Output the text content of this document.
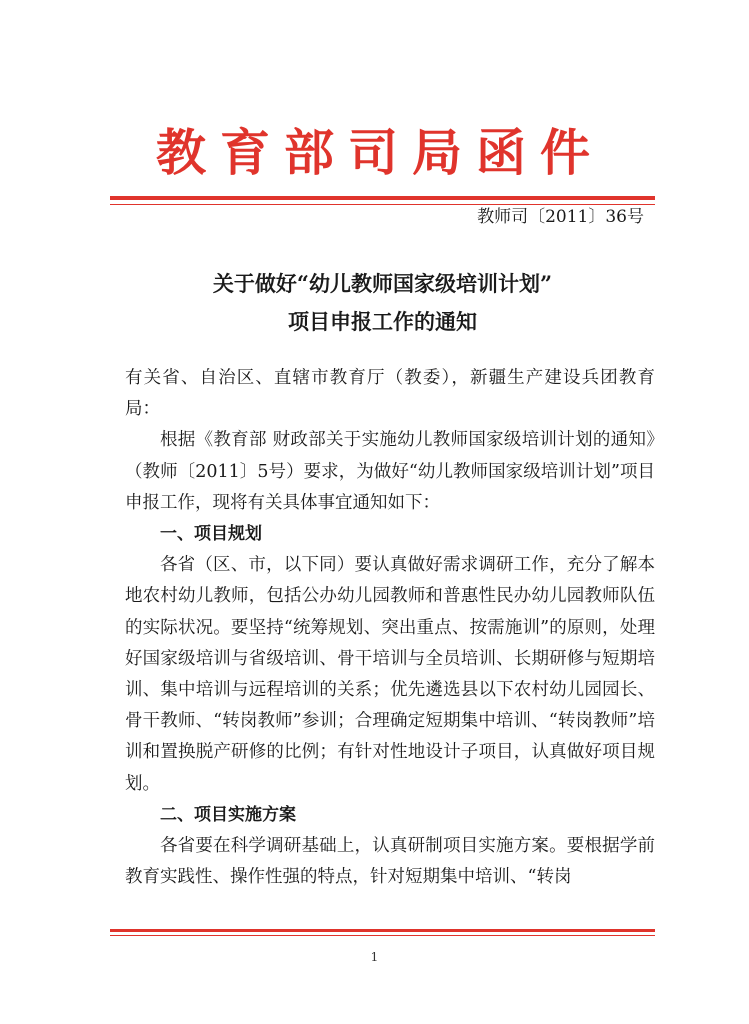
教育部司局函件
教师司〔2011〕36号
关于做好“幼儿教师国家级培训计划”
项目申报工作的通知

有关省、自治区、直辖市教育厅（教委），新疆生产建设兵团教育局：

根据《教育部 财政部关于实施幼儿教师国家级培训计划的通知》（教师〔2011〕5号）要求，为做好“幼儿教师国家级培训计划”项目申报工作，现将有关具体事宜通知如下：

一、项目规划

各省（区、市，以下同）要认真做好需求调研工作，充分了解本地农村幼儿教师，包括公办幼儿园教师和普惠性民办幼儿园教师队伍的实际状况。要坚持“统筹规划、突出重点、按需施训”的原则，处理好国家级培训与省级培训、骨干培训与全员培训、长期研修与短期培训、集中培训与远程培训的关系；优先遴选县以下农村幼儿园园长、骨干教师、“转岗教师”参训；合理确定短期集中培训、“转岗教师”培训和置换脱产研修的比例；有针对性地设计子项目，认真做好项目规划。

二、项目实施方案

各省要在科学调研基础上，认真研制项目实施方案。要根据学前教育实践性、操作性强的特点，针对短期集中培训、“转岗

1
